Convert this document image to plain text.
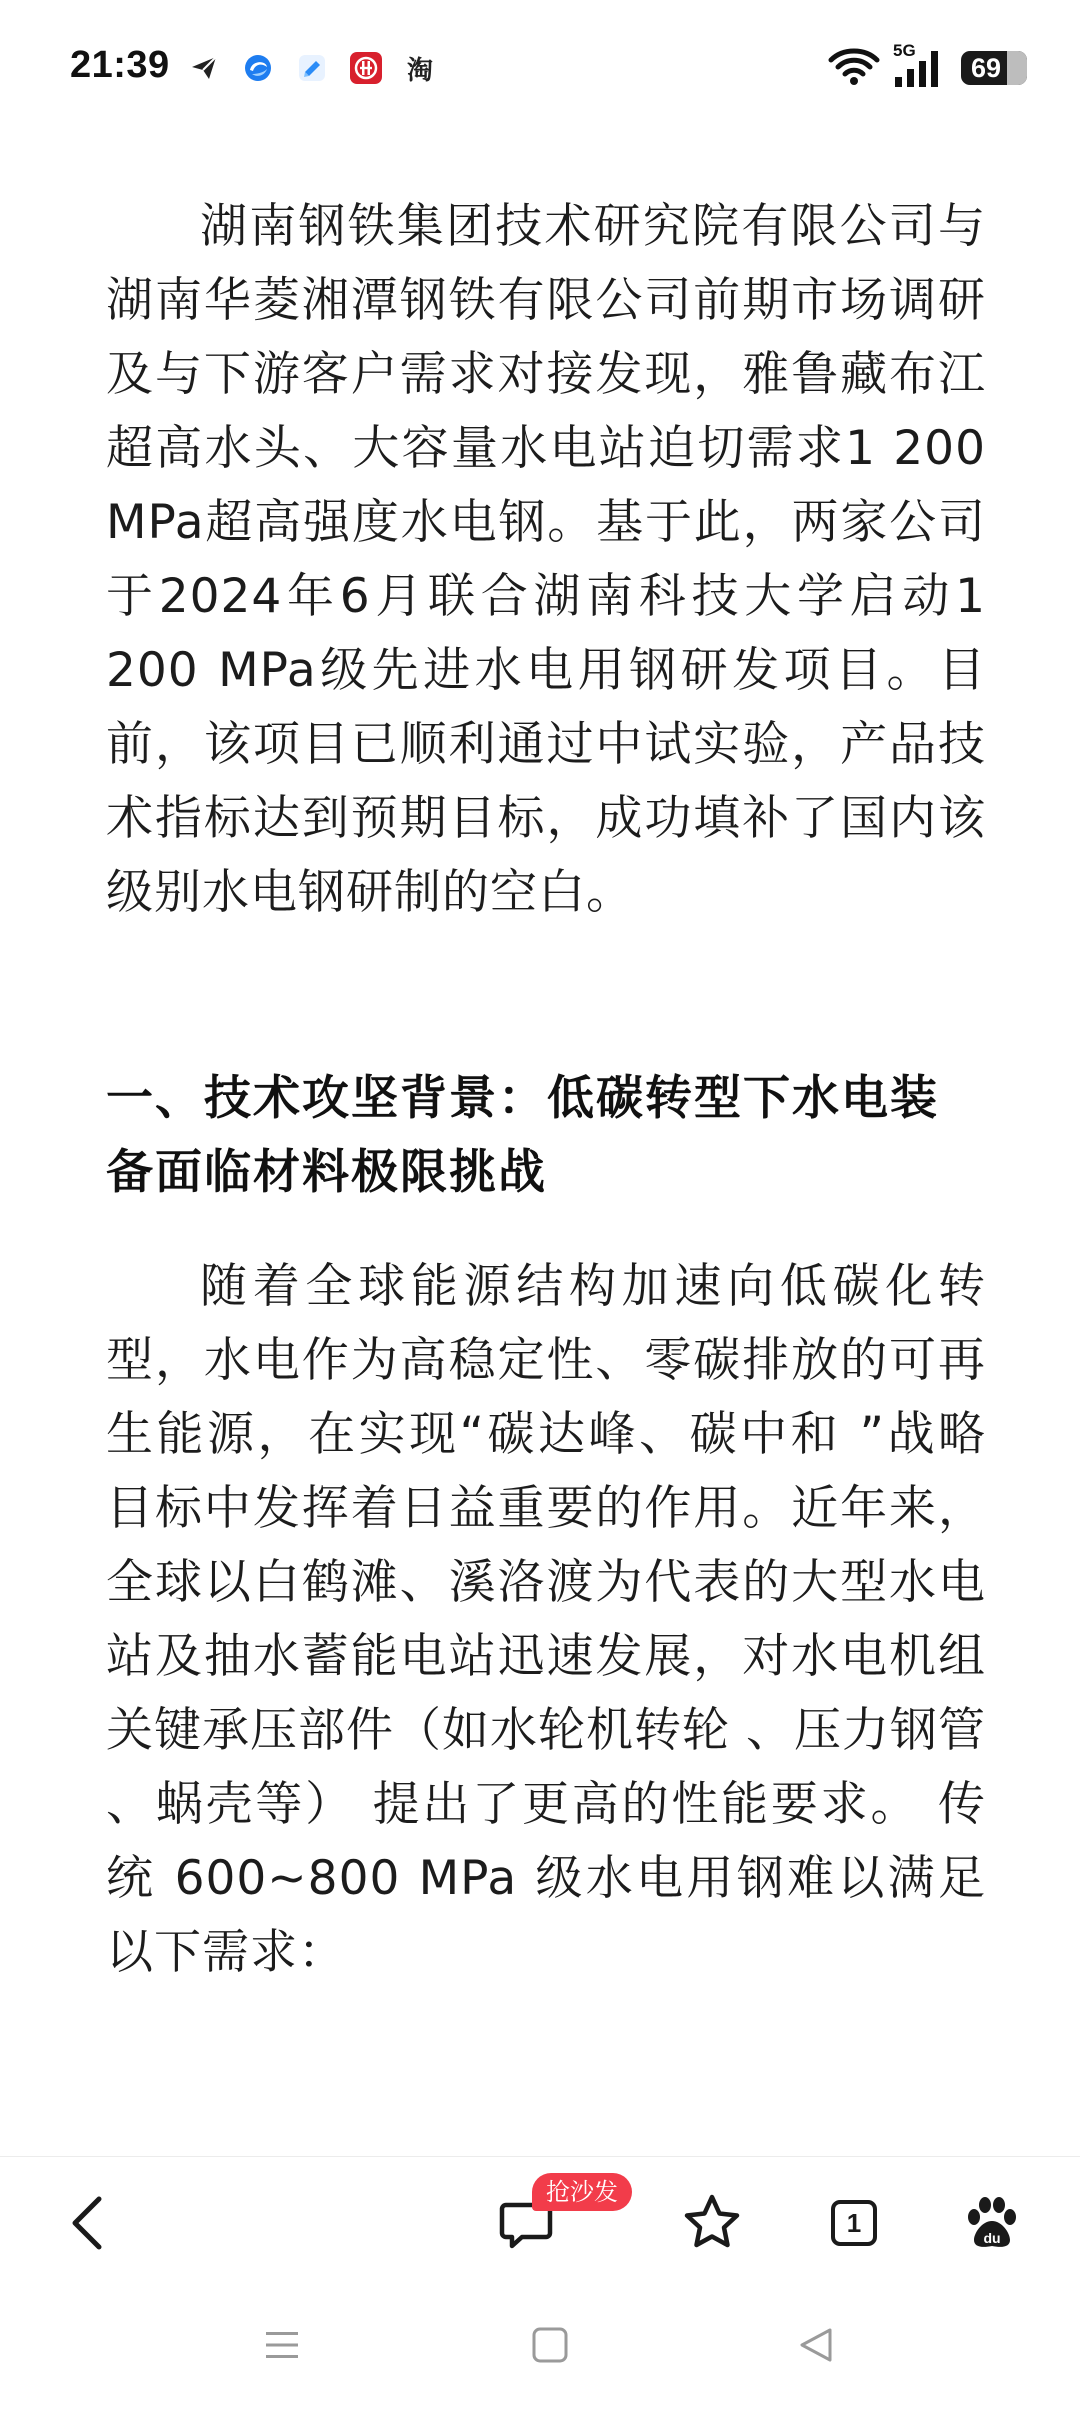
21:39	淘
5G
69

湖南钢铁集团技术研究院有限公司与湖南华菱湘潭钢铁有限公司前期市场调研及与下游客户需求对接发现，雅鲁藏布江超高水头、大容量水电站迫切需求1 200 MPa超高强度水电钢。基于此，两家公司于2024年6月联合湖南科技大学启动1 200 MPa级先进水电用钢研发项目。目前，该项目已顺利通过中试实验，产品技术指标达到预期目标，成功填补了国内该级别水电钢研制的空白。

一、技术攻坚背景：低碳转型下水电装备面临材料极限挑战

随着全球能源结构加速向低碳化转型，水电作为高稳定性、零碳排放的可再生能源，在实现“碳达峰、碳中和 ”战略目标中发挥着日益重要的作用。近年来， 全球以白鹤滩、溪洛渡为代表的大型水电站及抽水蓄能电站迅速发展，对水电机组关键承压部件（如水轮机转轮 、压力钢管 、蜗壳等） 提出了更高的性能要求。 传统 600~800 MPa 级水电用钢难以满足以下需求：

抢沙发
1
du
